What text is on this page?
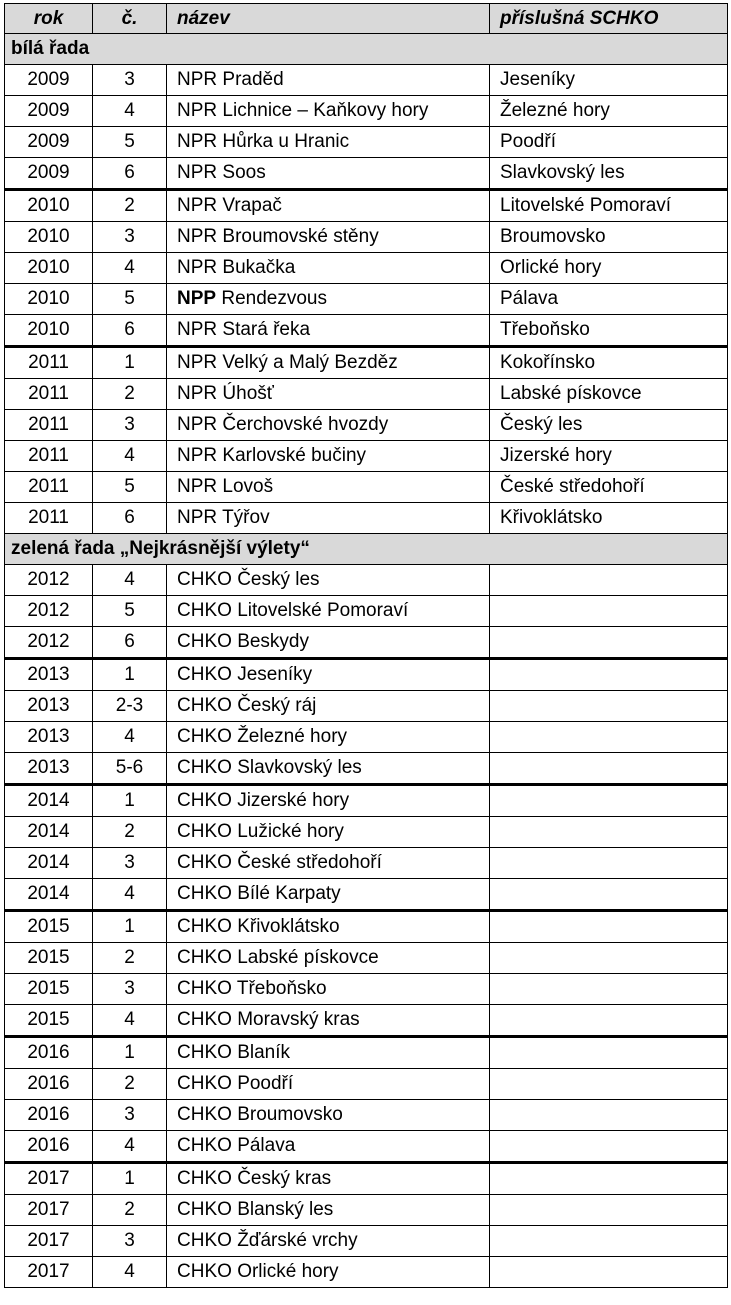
rok	č.	název	příslušná SCHKO
bílá řada			
2009	3	NPR Praděd	Jeseníky
2009	4	NPR Lichnice – Kaňkovy hory	Železné hory
2009	5	NPR Hůrka u Hranic	Poodří
2009	6	NPR Soos	Slavkovský les
2010	2	NPR Vrapač	Litovelské Pomoraví
2010	3	NPR Broumovské stěny	Broumovsko
2010	4	NPR Bukačka	Orlické hory
2010	5	NPP Rendezvous	Pálava
2010	6	NPR Stará řeka	Třeboňsko
2011	1	NPR Velký a Malý Bezděz	Kokořínsko
2011	2	NPR Úhošť	Labské pískovce
2011	3	NPR Čerchovské hvozdy	Český les
2011	4	NPR Karlovské bučiny	Jizerské hory
2011	5	NPR Lovoš	České středohoří
2011	6	NPR Týřov	Křivoklátsko
zelená řada „Nejkrásnější výlety“			
2012	4	CHKO Český les	
2012	5	CHKO Litovelské Pomoraví	
2012	6	CHKO Beskydy	
2013	1	CHKO Jeseníky	
2013	2-3	CHKO Český ráj	
2013	4	CHKO Železné hory	
2013	5-6	CHKO Slavkovský les	
2014	1	CHKO Jizerské hory	
2014	2	CHKO Lužické hory	
2014	3	CHKO České středohoří	
2014	4	CHKO Bílé Karpaty	
2015	1	CHKO Křivoklátsko	
2015	2	CHKO Labské pískovce	
2015	3	CHKO Třeboňsko	
2015	4	CHKO Moravský kras	
2016	1	CHKO Blaník	
2016	2	CHKO Poodří	
2016	3	CHKO Broumovsko	
2016	4	CHKO Pálava	
2017	1	CHKO Český kras	
2017	2	CHKO Blanský les	
2017	3	CHKO Žďárské vrchy	
2017	4	CHKO Orlické hory	
